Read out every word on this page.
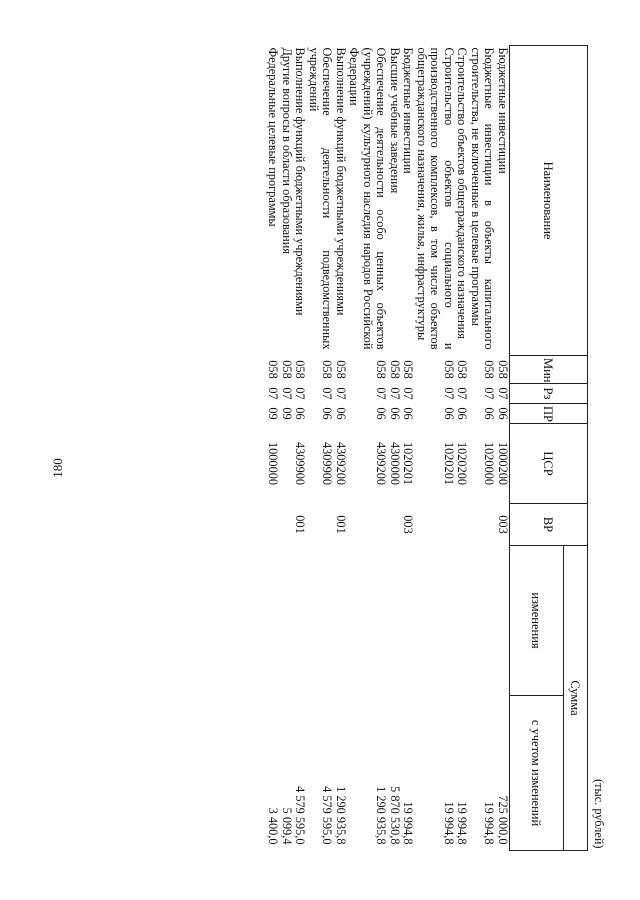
180
(тыс. рублей)							
Наименование	Мин	Рз	ПР	ЦСР	ВР	Сумма	
						изменения	с учетом изменений
Бюджетные инвестиции	058	07	06	1000200	003		725 000,0
Бюджетные инвестиции в объекты капитального строительства, не включенные в целевые программы	058	07	06	1020000			19 994,8
Строительство объектов общегражданского назначения	058	07	06	1020200			19 994,8
Строительство объектов социального и производственного комплексов, в том числе объектов общегражданского назначения, жилья, инфраструктуры	058	07	06	1020201			19 994,8
Бюджетные инвестиции	058	07	06	1020201	003		19 994,8
Высшие учебные заведения	058	07	06	4300000			5 870 530,8
Обеспечение деятельности особо ценных объектов (учреждений) культурного наследия народов Российской Федерации	058	07	06	4309200			1 290 935,8
Выполнение функций бюджетными учреждениями	058	07	06	4309200	001		1 290 935,8
Обеспечение деятельности подведомственных учреждений	058	07	06	4309900			4 579 595,0
Выполнение функций бюджетными учреждениями	058	07	06	4309900	001		4 579 595,0
Другие вопросы в области образования	058	07	09				5 099,4
Федеральные целевые программы	058	07	09	1000000			3 400,0
